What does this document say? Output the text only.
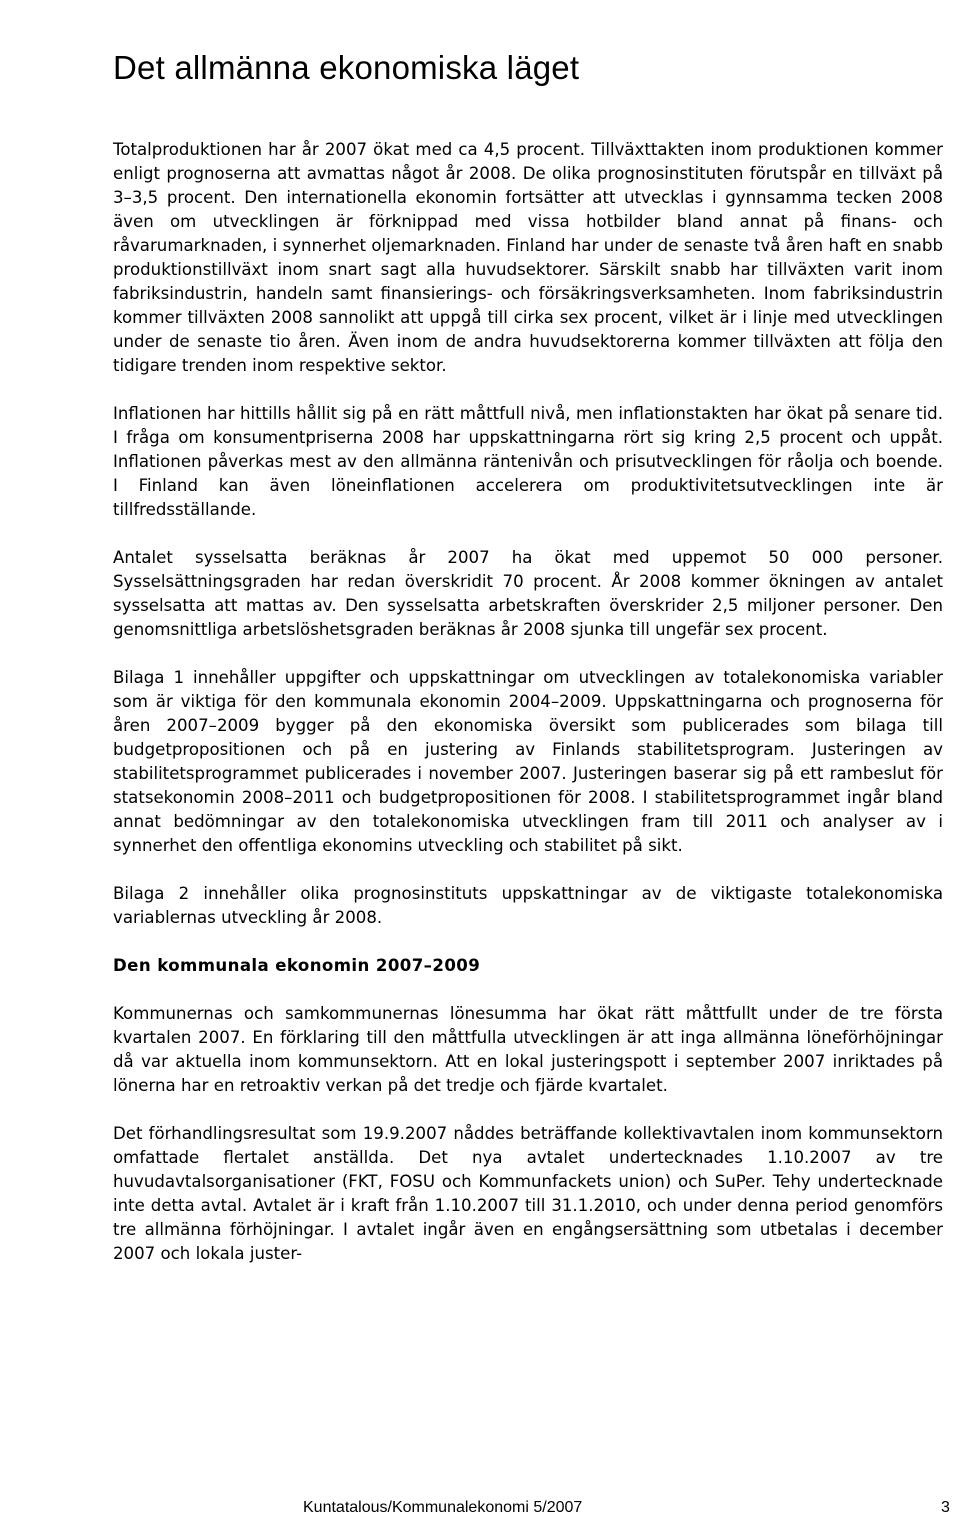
Det allmänna ekonomiska läget

Totalproduktionen har år 2007 ökat med ca 4,5 procent. Tillväxttakten inom produktionen kommer enligt prognoserna att avmattas något år 2008. De olika prognosinstituten förutspår en tillväxt på 3–3,5 procent. Den internationella ekonomin fortsätter att utvecklas i gynnsamma tecken 2008 även om utvecklingen är förknippad med vissa hotbilder bland annat på finans- och råvarumarknaden, i synnerhet oljemarknaden. Finland har under de senaste två åren haft en snabb produktionstillväxt inom snart sagt alla huvudsektorer. Särskilt snabb har tillväxten varit inom fabriksindustrin, handeln samt finansierings- och försäkringsverksamheten. Inom fabriksindustrin kommer tillväxten 2008 sannolikt att uppgå till cirka sex procent, vilket är i linje med utvecklingen under de senaste tio åren. Även inom de andra huvudsektorerna kommer tillväxten att följa den tidigare trenden inom respektive sektor.

Inflationen har hittills hållit sig på en rätt måttfull nivå, men inflationstakten har ökat på senare tid. I fråga om konsumentpriserna 2008 har uppskattningarna rört sig kring 2,5 procent och uppåt. Inflationen påverkas mest av den allmänna räntenivån och prisutvecklingen för råolja och boende. I Finland kan även löneinflationen accelerera om produktivitetsutvecklingen inte är tillfredsställande.

Antalet sysselsatta beräknas år 2007 ha ökat med uppemot 50 000 personer. Sysselsättningsgraden har redan överskridit 70 procent. År 2008 kommer ökningen av antalet sysselsatta att mattas av. Den sysselsatta arbetskraften överskrider 2,5 miljoner personer. Den genomsnittliga arbetslöshetsgraden beräknas år 2008 sjunka till ungefär sex procent.

Bilaga 1 innehåller uppgifter och uppskattningar om utvecklingen av totalekonomiska variabler som är viktiga för den kommunala ekonomin 2004–2009. Uppskattningarna och prognoserna för åren 2007–2009 bygger på den ekonomiska översikt som publicerades som bilaga till budgetpropositionen och på en justering av Finlands stabilitetsprogram. Justeringen av stabilitetsprogrammet publicerades i november 2007. Justeringen baserar sig på ett rambeslut för statsekonomin 2008–2011 och budgetpropositionen för 2008. I stabilitetsprogrammet ingår bland annat bedömningar av den totalekonomiska utvecklingen fram till 2011 och analyser av i synnerhet den offentliga ekonomins utveckling och stabilitet på sikt.

Bilaga 2 innehåller olika prognosinstituts uppskattningar av de viktigaste totalekonomiska variablernas utveckling år 2008.

Den kommunala ekonomin 2007–2009

Kommunernas och samkommunernas lönesumma har ökat rätt måttfullt under de tre första kvartalen 2007. En förklaring till den måttfulla utvecklingen är att inga allmänna löneförhöjningar då var aktuella inom kommunsektorn. Att en lokal justeringspott i september 2007 inriktades på lönerna har en retroaktiv verkan på det tredje och fjärde kvartalet.

Det förhandlingsresultat som 19.9.2007 nåddes beträffande kollektivavtalen inom kommunsektorn omfattade flertalet anställda. Det nya avtalet undertecknades 1.10.2007 av tre huvudavtalsorganisationer (FKT, FOSU och Kommunfackets union) och SuPer. Tehy undertecknade inte detta avtal. Avtalet är i kraft från 1.10.2007 till 31.1.2010, och under denna period genomförs tre allmänna förhöjningar. I avtalet ingår även en engångsersättning som utbetalas i december 2007 och lokala juster-

Kuntatalous/Kommunalekonomi 5/2007	3
